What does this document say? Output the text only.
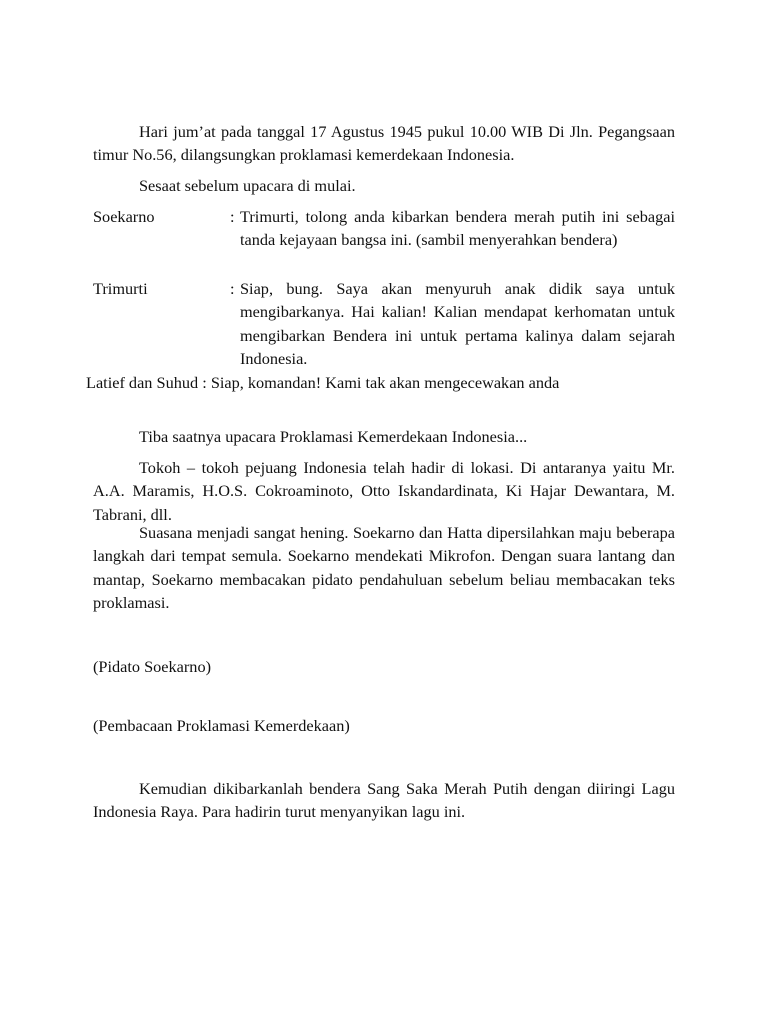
Hari jum’at pada tanggal 17 Agustus 1945 pukul 10.00 WIB Di Jln. Pegangsaan timur No.56, dilangsungkan proklamasi kemerdekaan Indonesia.

Sesaat sebelum upacara di mulai.

Soekarno	: Trimurti, tolong anda kibarkan bendera merah putih ini sebagai tanda kejayaan bangsa ini. (sambil menyerahkan bendera)
Trimurti	: Siap, bung. Saya akan menyuruh anak didik saya untuk mengibarkanya. Hai kalian! Kalian mendapat kerhomatan untuk mengibarkan Bendera ini untuk pertama kalinya dalam sejarah Indonesia.
Latief dan Suhud : Siap, komandan! Kami tak akan mengecewakan anda

Tiba saatnya upacara Proklamasi Kemerdekaan Indonesia...

Tokoh – tokoh pejuang Indonesia telah hadir di lokasi. Di antaranya yaitu Mr. A.A. Maramis, H.O.S. Cokroaminoto, Otto Iskandardinata, Ki Hajar Dewantara, M. Tabrani, dll.

Suasana menjadi sangat hening. Soekarno dan Hatta dipersilahkan maju beberapa langkah dari tempat semula. Soekarno mendekati Mikrofon. Dengan suara lantang dan mantap, Soekarno membacakan pidato pendahuluan sebelum beliau membacakan teks proklamasi.

(Pidato Soekarno)

(Pembacaan Proklamasi Kemerdekaan)

Kemudian dikibarkanlah bendera Sang Saka Merah Putih dengan diiringi Lagu Indonesia Raya. Para hadirin turut menyanyikan lagu ini.
